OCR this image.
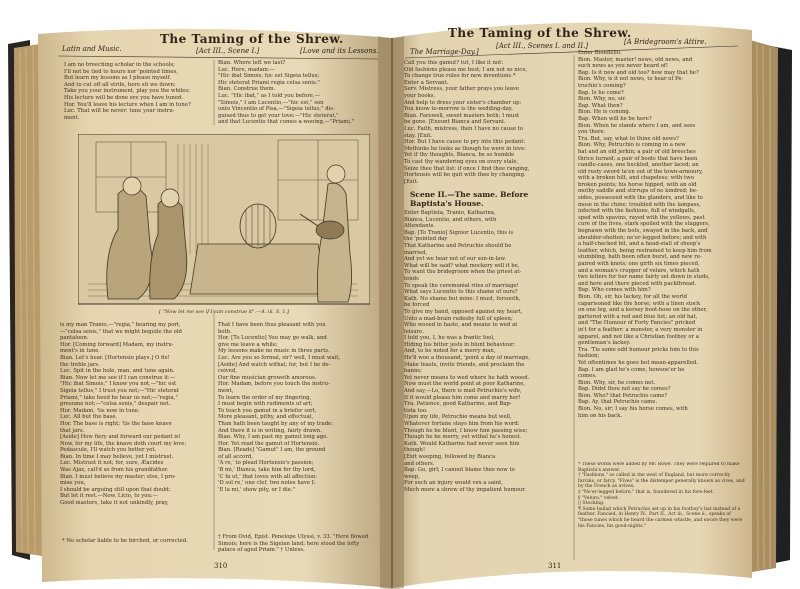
[ "Now let me see if I can construe it".—A. iii. S. 1.]
Latin and Music.
The Taming of the Shrew.
[Act III., Scene I.]	[Love and its Lessons.
I am no breeching scholar in the schools;
I'll not be tied to hours nor 'pointed times,
But learn my lessons as I please myself.
And to cut off all strife, here sit we down:
Take you your instrument, play you the whiles;
His lecture will be done ere you have tuned.
Hor. You'll leave his lecture when I am in tune?
Luc. That will be never: tune your instru-
ment.
Bian. Where left we last?
Luc. Here, madam:—
"Hic ibat Simois; hic est Sigeia tellus;
Hic steterat Priami regia celsa senis."
Bian. Construe them.
Luc. "Hic ibat," as I told you before,—
"Simois," I am Lucentio,—"hic est," son
unto Vincentio of Pisa,—"Sigeia tellus," dis-
guised thus to get your love;—"Hic steterat,"
and that Lucentio that comes a-wooing,—"Priami,"
is my man Tranio,—"regia," bearing my port,
—"celsa senis," that we might beguile the old
pantaloon.
Hor. [Coming forward] Madam, my instru-
ment's in tune.
Bian. Let's hear. [Hortensio plays.] O fie!
the treble jars.
Luc. Spit in the hole, man, and tune again.
Bian. Now let me see if I can construe it:—
"Hic ibat Simois," I know you not,—"hic est
Sigeia tellus," I trust you not;—"Hic steterat
Priami," take heed he hear us not;—"regia,"
presume not;—"celsa senis," despair not.
Hor. Madam, 'tis now in tune.
Luc. All but the base.
Hor. The base is right; 'tis the base knave
that jars.
[Aside] How fiery and forward our pedant is!
Now, for my life, the knave doth court my love:
Pedascule, I'll watch you better yet.
Bian. In time I may believe, yet I mistrust.
Luc. Mistrust it not; for, sure, Æacides
Was Ajax, call'd so from his grandfather.
Bian. I must believe my master; else, I pro-
mise you,
I should be arguing still upon that doubt:
But let it rest.—Now, Licio, to you:—
Good masters, take it not unkindly, pray,
That I have been thus pleasant with you
both.
Hor. [To Lucentio] You may go walk, and
give me leave a while:
My lessons make no music in three parts.
Luc. Are you so formal, sir? well, I must wait,
[Aside] And watch withal; for, but I be de-
ceived,
Our fine musician groweth amorous.
Hor. Madam, before you touch the instru-
ment,
To learn the order of my fingering,
I must begin with rudiments of art;
To teach you gamut in a briefer sort,
More pleasant, pithy, and effectual,
Than hath been taught by any of my trade:
And there it is in writing, fairly drawn.
Bian. Why, I am past my gamut long ago.
Hor. Yet read the gamut of Hortensio.
Bian. [Reads] "Gamut" I am, the ground
of all accord,
'A re,' to plead Hortensio's passion;
'B mi,' Bianca, take him for thy lord,
'C fa ut,' that loves with all affection:
'D sol re,' one clef, two notes have I:
'E la mi,' show pity, or I die."
* No scholar liable to be birched, or corrected.
† From Ovid, Epist. Penelope Ulyssi, v. 33. "Here flowed Simois; here is the Sigeian land; here stood the lofty palace of aged Priam." † Unless.
310
The Taming of the Shrew.
The Marriage-Day.]
[Act III., Scenes I. and II.]	[A Bridegroom's Attire.
Call you this gamut? tut, I like it not:
Old fashions please me best; I am not so nice,
To change true rules for new inventions.*
Enter a Servant.
Serv. Mistress, your father prays you leave
your books,
And help to dress your sister's chamber up:
You know to-morrow is the wedding-day.
Bian. Farewell, sweet masters both; I must
be gone. [Exeunt Bianca and Servant.
Luc. Faith, mistress, then I have no cause to
stay. [Exit.
Hor. But I have cause to pry into this pedant:
Methinks he looks as though he were in love:
Yet if thy thoughts, Bianca, be so humble
To cast thy wandering eyes on every stale,
Seize thee that list: if once I find thee ranging,
Hortensio will be quit with thee by changing.
[Exit.
Scene II.—The same. Before Baptista's House.
Enter Baptista, Tranio, Katharina,
Bianca, Lucentio, and others, with
Attendants.
Bap. [To Tranio] Signior Lucentio, this is
the 'pointed day
That Katharine and Petruchio should be
married,
And yet we hear not of our son-in-law.
What will be said? what mockery will it be,
To want the bridegroom when the priest at-
tends
To speak the ceremonial rites of marriage!
What says Lucentio to this shame of ours?
Kath. No shame but mine: I must, forsooth,
be forced
To give my hand, opposed against my heart,
Unto a mad-brain rudesby full of spleen;
Who wooed in haste, and means to wed at
leisure.
I told you, I, he was a frantic fool,
Hiding his bitter jests in blunt behaviour:
And, to be noted for a merry man,
He'll woo a thousand, 'point a day of marriage,
Make feasts, invite friends, and proclaim the
banns;
Yet never means to wed where he hath wooed.
Now must the world point at poor Katharine,
And say,—Lo, there is mad Petruchio's wife,
If it would please him come and marry her!
Tra. Patience, good Katharine, and Bap-
tista too.
Upon my life, Petruchio means but well,
Whatever fortune stays him from his word:
Though he be blunt, I know him passing wise;
Though he be merry, yet withal he's honest.
Kath. Would Katharine had never seen him
though!
[Exit weeping, followed by Bianca
and others.
Bap. Go, girl; I cannot blame thee now to
weep,
For such an injury would vex a saint,
Much more a shrew of thy impatient humour.
Enter Biondello.
Bion. Master, master! news, old news, and
such news as you never heard of!
Bap. Is it new and old too? how may that be?
Bion. Why, is it not news, to hear of Pe-
truchio's coming?
Bap. Is he come?
Bion. Why, no, sir.
Bap. What then?
Bion. He is coming.
Bap. When will he be here?
Bion. When he stands where I am, and sees
you there.
Tra. But, say, what to thine old news?
Bion. Why, Petruchio is coming in a new
hat and an old jerkin; a pair of old breeches
thrice turned; a pair of boots that have been
candle-cases, one buckled, another laced; an
old rusty sword ta'en out of the town-armoury,
with a broken hilt, and chapeless; with two
broken points; his horse hipped, with an old
mothy saddle and stirrups of no kindred; be-
sides, possessed with the glanders, and like to
mose in the chine; troubled with the lampass,
infected with the fashions, full of windgalls,
sped with spavins, rayed with the yellows, past
cure of the fives, stark spoiled with the staggers,
begnawn with the bots, swayed in the back, and
shoulder-shotten; ne'er-legged before; and with
a half-checked bit, and a head-stall of sheep's
leather, which, being restrained to keep him from
stumbling, hath been often burst, and new re-
paired with knots; one girth six times pieced,
and a woman's crupper of velure, which hath
two letters for her name fairly set down in studs,
and here and there pieced with packthread.
Bap. Who comes with him?
Bion. Oh, sir, his lackey, for all the world
caparisoned like the horse; with a linen stock
on one leg, and a kersey boot-hose on the other,
gartered with a red and blue list; an old hat,
and "The Humour of Forty Fancies" pricked
in't for a feather: a monster, a very monster in
apparel, and not like a Christian footboy or a
gentleman's lackey.
Tra. 'Tis some odd humour pricks him to this
fashion;
Yet oftentimes he goes but mean-apparelled.
Bap. I am glad he's come, howsoe'er he
comes.
Bion. Why, sir, he comes not.
Bap. Didst thou not say he comes?
Bion. Who? that Petruchio came?
Bap. Ay, that Petruchio came.
Bion. No, sir; I say his horse comes, with
him on his back.
* These words were added by Mr. Rowe. They were required to make Baptista's answer.
† "Fashions," so called in the west of England, but more correctly farcins, or farcy. "Fives" is the distemper generally known as vives, and by the French as avives.
‡ "Ne'er-legged before," that is, foundered in his fore-feet.
§ "Velure," velvet.
|| Stocking.
¶ Some ballad which Petruchio set up in his footboy's hat instead of a feather. Fancied, in Henry IV., Part II., Act iii., Scene ii., speaks of "those tunes which he heard the carmen whistle, and swore they were his Fancies, his good-nights."
311
